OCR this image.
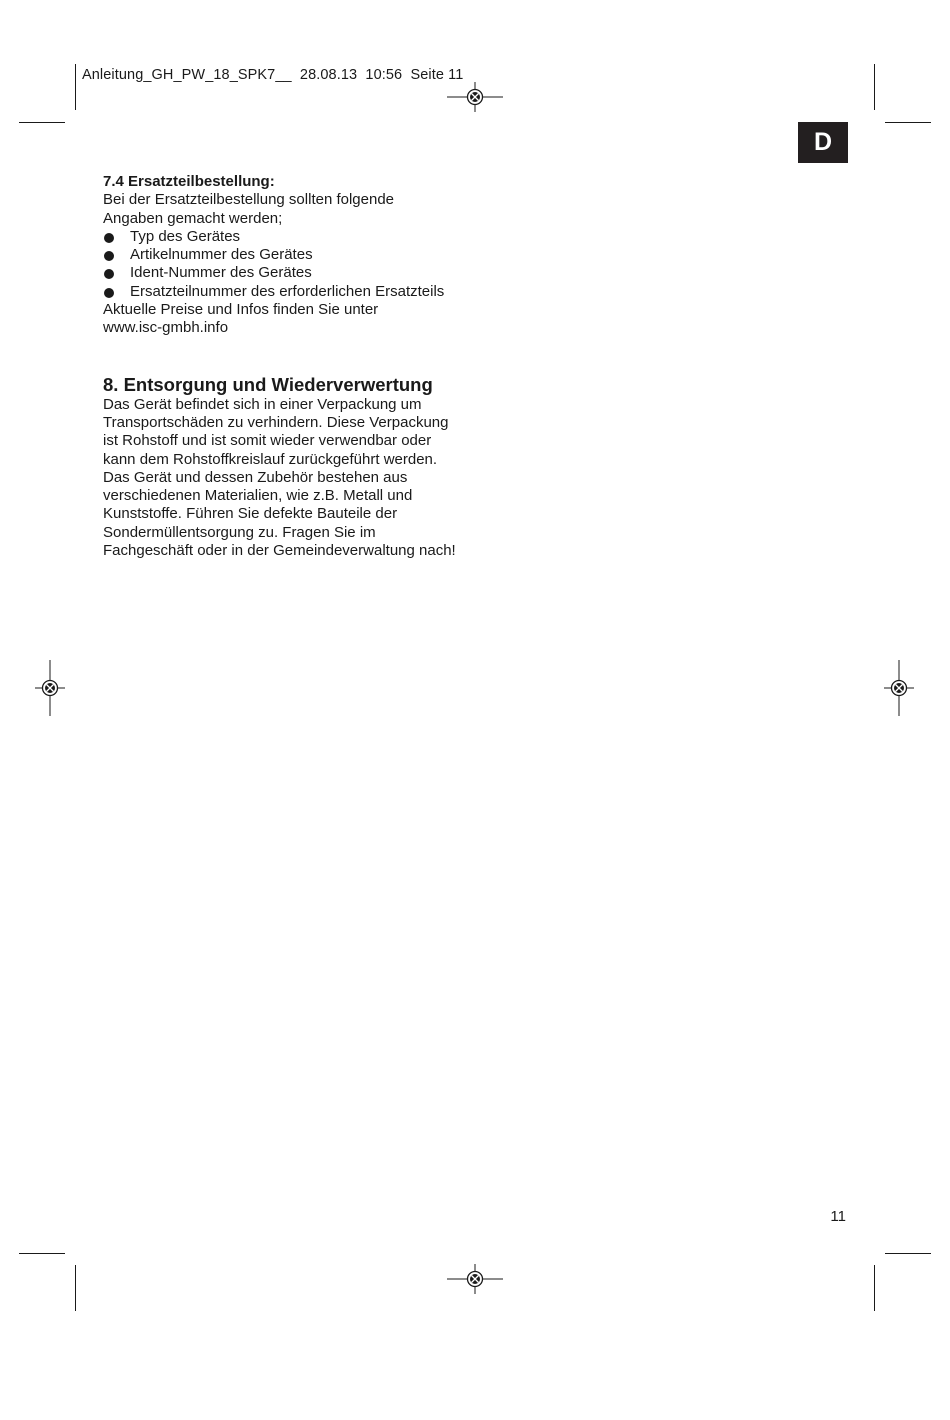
Anleitung_GH_PW_18_SPK7__  28.08.13  10:56  Seite 11
D

7.4 Ersatzteilbestellung:

Bei der Ersatzteilbestellung sollten folgende Angaben gemacht werden;

Typ des Gerätes
Artikelnummer des Gerätes
Ident-Nummer des Gerätes
Ersatzteilnummer des erforderlichen Ersatzteils

Aktuelle Preise und Infos finden Sie unter

www.isc-gmbh.info

8. Entsorgung und Wiederverwertung

Das Gerät befindet sich in einer Verpackung um
Transportschäden zu verhindern. Diese Verpackung
ist Rohstoff und ist somit wieder verwendbar oder
kann dem Rohstoffkreislauf zurückgeführt werden.
Das Gerät und dessen Zubehör bestehen aus
verschiedenen Materialien, wie z.B. Metall und
Kunststoffe. Führen Sie defekte Bauteile der
Sondermüllentsorgung zu. Fragen Sie im
Fachgeschäft oder in der Gemeindeverwaltung nach!

11
